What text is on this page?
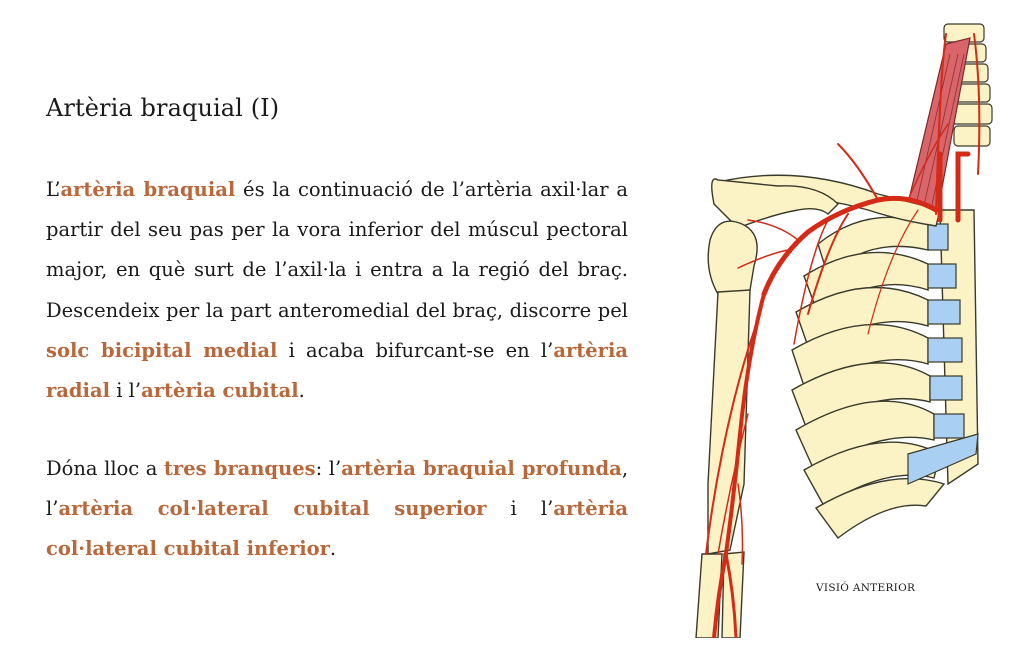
Artèria braquial (I)

L’artèria braquial és la continuació de l’artèria axil·lar a partir del seu pas per la vora inferior del múscul pectoral major, en què surt de l’axil·la i entra a la regió del braç. Descendeix per la part anteromedial del braç, discorre pel solc bicipital medial i acaba bifurcant-se en l’artèria radial i l’artèria cubital.

Dóna lloc a tres branques: l’artèria braquial profunda, l’artèria col·lateral cubital superior i l’artèria col·lateral cubital inferior.

VISIÓ ANTERIOR
